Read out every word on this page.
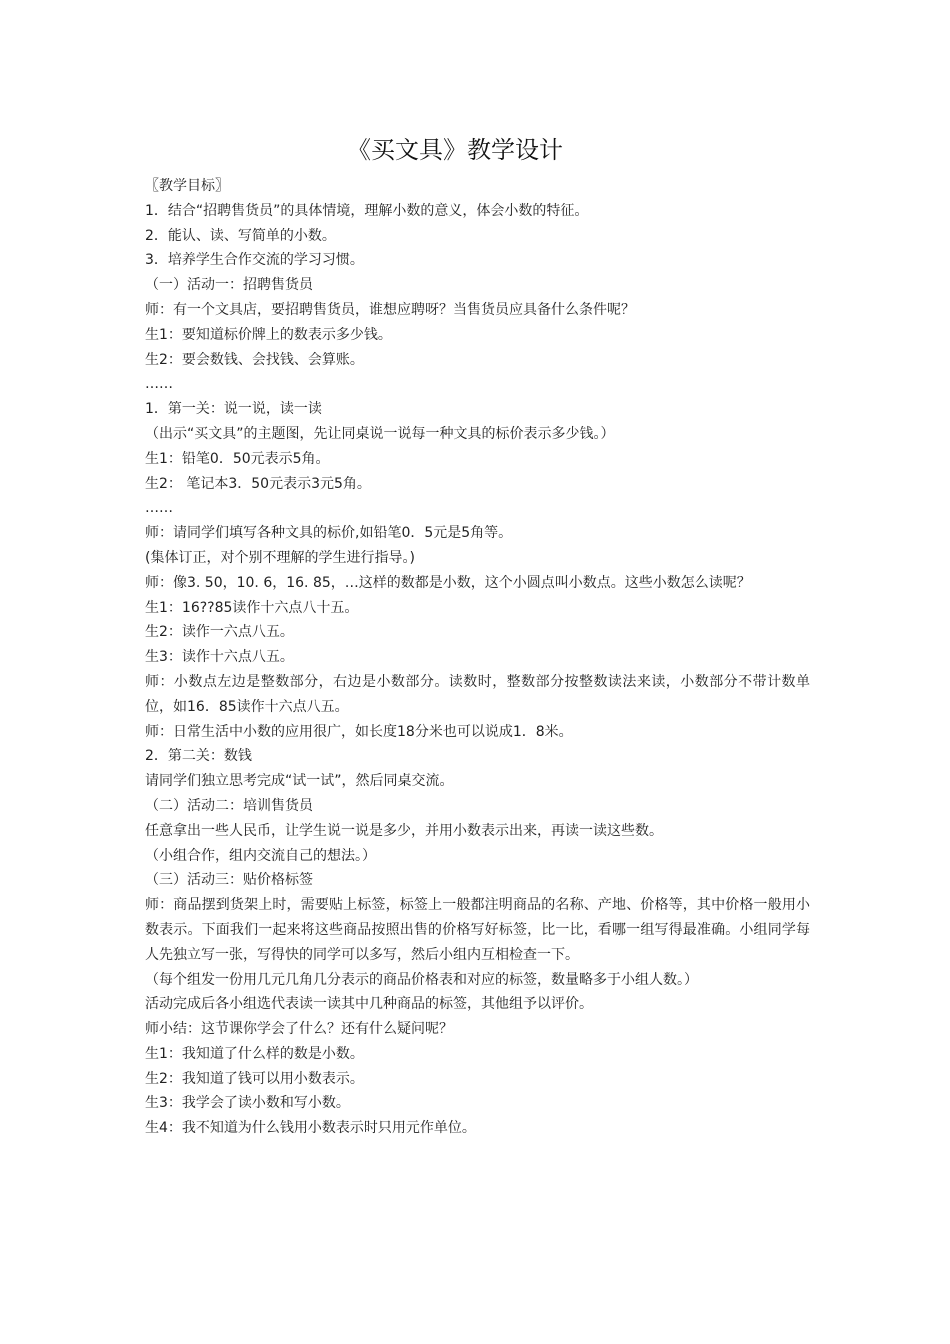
《买文具》教学设计

〖教学目标〗

1．结合“招聘售货员”的具体情境，理解小数的意义，体会小数的特征。

2．能认、读、写简单的小数。

3．培养学生合作交流的学习习惯。

（一）活动一：招聘售货员

师：有一个文具店，要招聘售货员，谁想应聘呀？当售货员应具备什么条件呢？

生1：要知道标价牌上的数表示多少钱。

生2：要会数钱、会找钱、会算账。

……

1．第一关：说一说，读一读

（出示“买文具”的主题图，先让同桌说一说每一种文具的标价表示多少钱。）

生1：铅笔0．50元表示5角。

生2： 笔记本3．50元表示3元5角。

……

师：请同学们填写各种文具的标价,如铅笔0．5元是5角等。

(集体订正，对个别不理解的学生进行指导。)

师：像3. 50，10. 6，16. 85，…这样的数都是小数，这个小圆点叫小数点。这些小数怎么读呢？

生1：16??85读作十六点八十五。

生2：读作一六点八五。

生3：读作十六点八五。

师：小数点左边是整数部分，右边是小数部分。读数时，整数部分按整数读法来读，小数部分不带计数单位，如16．85读作十六点八五。

师：日常生活中小数的应用很广，如长度18分米也可以说成1．8米。

2．第二关：数钱

请同学们独立思考完成“试一试”，然后同桌交流。

（二）活动二：培训售货员

任意拿出一些人民币，让学生说一说是多少，并用小数表示出来，再读一读这些数。

（小组合作，组内交流自己的想法。）

（三）活动三：贴价格标签

师：商品摆到货架上时，需要贴上标签，标签上一般都注明商品的名称、产地、价格等，其中价格一般用小数表示。下面我们一起来将这些商品按照出售的价格写好标签，比一比，看哪一组写得最准确。小组同学每人先独立写一张，写得快的同学可以多写，然后小组内互相检查一下。

（每个组发一份用几元几角几分表示的商品价格表和对应的标签，数量略多于小组人数。）

活动完成后各小组选代表读一读其中几种商品的标签，其他组予以评价。

师小结：这节课你学会了什么？还有什么疑问呢？

生1：我知道了什么样的数是小数。

生2：我知道了钱可以用小数表示。

生3：我学会了读小数和写小数。

生4：我不知道为什么钱用小数表示时只用元作单位。
